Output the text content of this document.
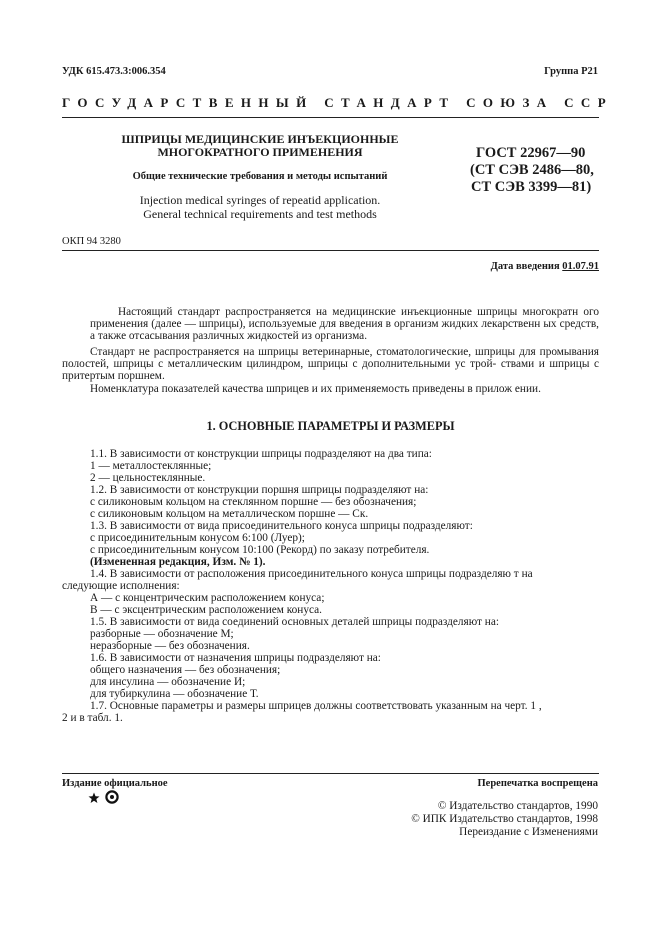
УДК 615.473.3:006.354	Группа Р21
ГОСУДАРСТВЕННЫЙ СТАНДАРТ СОЮЗА ССР
ШПРИЦЫ МЕДИЦИНСКИЕ ИНЪЕКЦИОННЫЕ
МНОГОКРАТНОГО ПРИМЕНЕНИЯ
Общие технические требования и методы испытаний
Injection medical syringes of repeatid application.
General technical requirements and test methods
ГОСТ 22967—90
(СТ СЭВ 2486—80,
СТ СЭВ 3399—81)
ОКП 94 3280
Дата введения 01.07.91
Настоящий стандарт распространяется на медицинские инъекционные шприцы многократн ого применения (далее — шприцы), используемые для введения в организм жидких лекарственн ых средств, а также отсасывания различных жидкостей из организма.
Стандарт не распространяется на шприцы ветеринарные, стоматологические, шприцы для промывания полостей, шприцы с металлическим цилиндром, шприцы с дополнительными ус трой- ствами и шприцы с притертым поршнем.
Номенклатура показателей качества шприцев и их применяемость приведены в прилож ении.
1. ОСНОВНЫЕ ПАРАМЕТРЫ И РАЗМЕРЫ
1.1. В зависимости от конструкции шприцы подразделяют на два типа:
1 — металлостеклянные;
2 — цельностеклянные.
1.2. В зависимости от конструкции поршня шприцы подразделяют на:
с силиконовым кольцом на стеклянном поршне — без обозначения;
с силиконовым кольцом на металлическом поршне — Ск.
1.3. В зависимости от вида присоединительного конуса шприцы подразделяют:
с присоединительным конусом 6:100 (Луер);
с присоединительным конусом 10:100 (Рекорд) по заказу потребителя.
(Измененная редакция, Изм. № 1).
1.4. В зависимости от расположения присоединительного конуса шприцы подразделяю т на
следующие исполнения:
А — с концентрическим расположением конуса;
В — с эксцентрическим расположением конуса.
1.5. В зависимости от вида соединений основных деталей шприцы подразделяют на:
разборные — обозначение М;
неразборные — без обозначения.
1.6. В зависимости от назначения шприцы подразделяют на:
общего назначения — без обозначения;
для инсулина — обозначение И;
для тубиркулина — обозначение Т.
1.7. Основные параметры и размеры шприцев должны соответствовать указанным на черт. 1 ,
2 и в табл. 1.
Издание официальное	Перепечатка воспрещена
© Издательство стандартов, 1990
© ИПК Издательство стандартов, 1998
Переиздание с Изменениями
